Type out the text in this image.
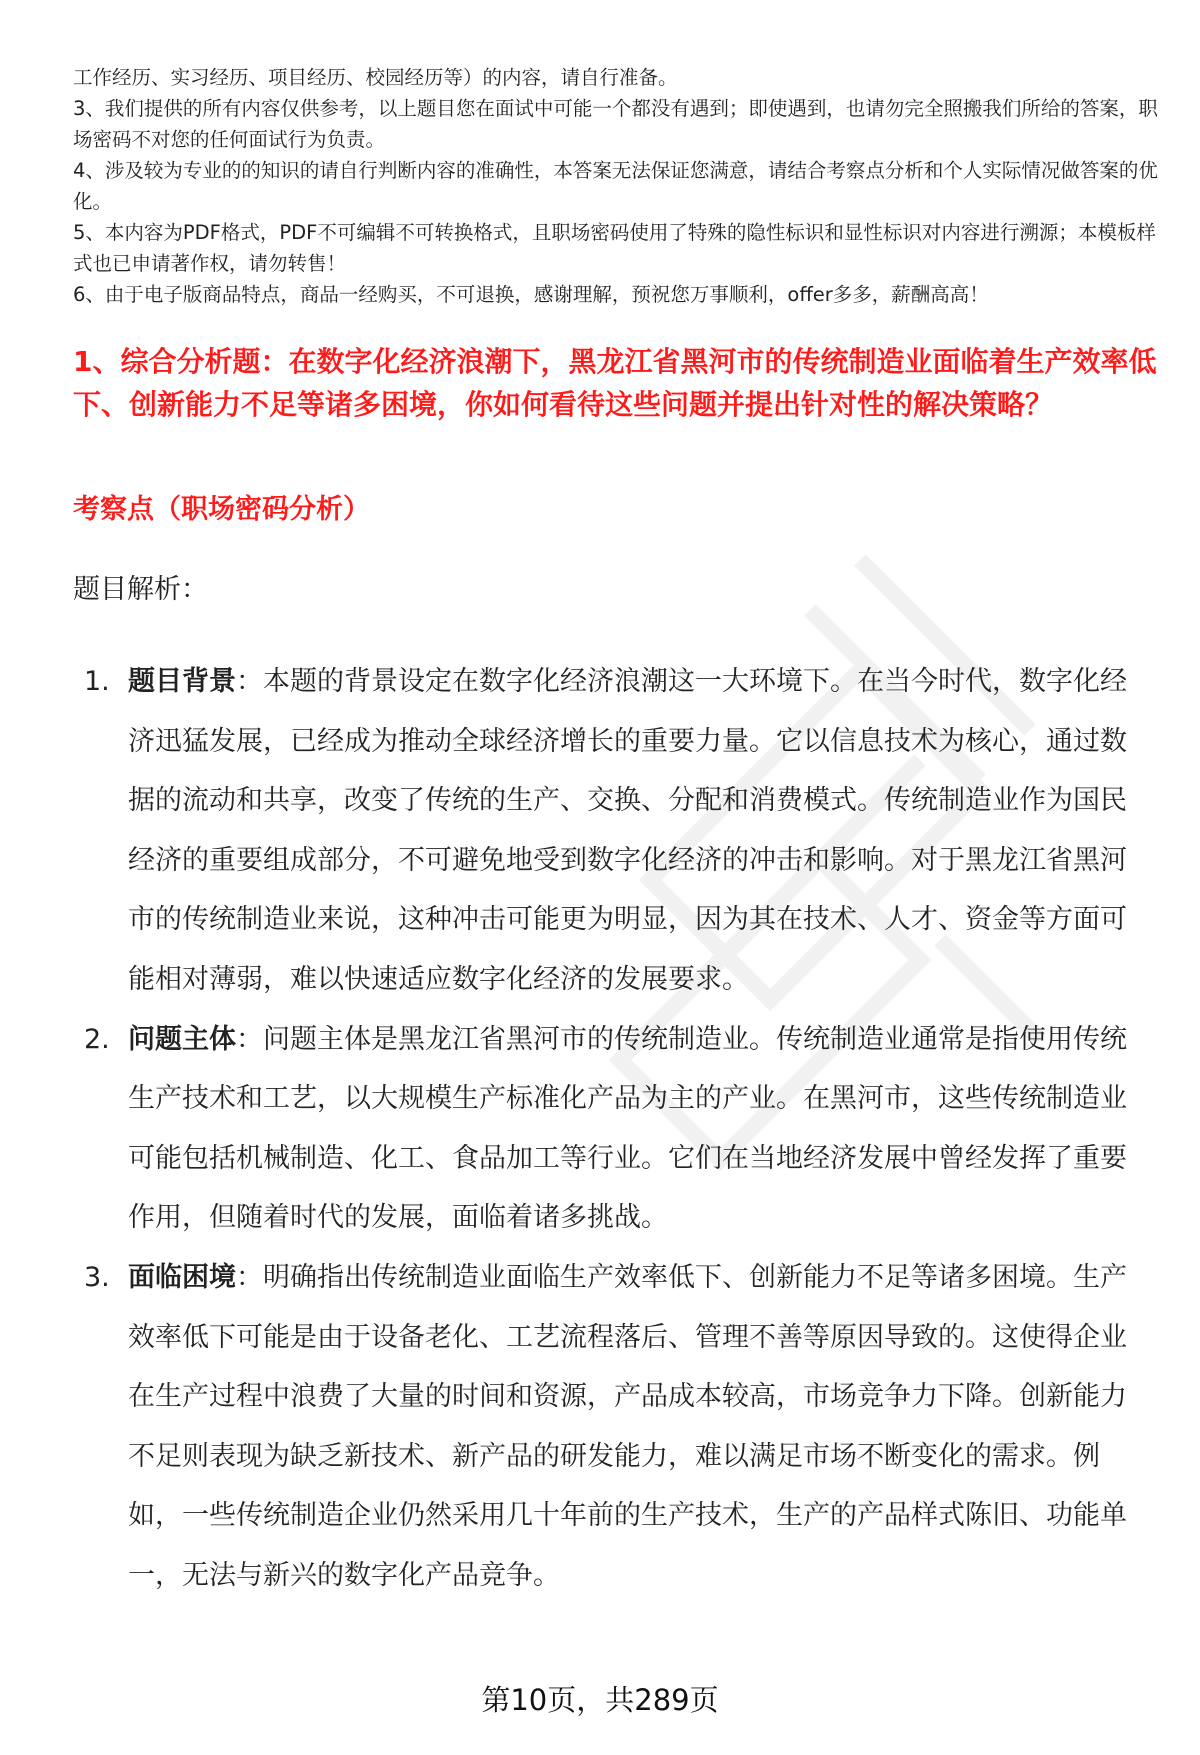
工作经历、实习经历、项目经历、校园经历等）的内容，请自行准备。

3、我们提供的所有内容仅供参考，以上题目您在面试中可能一个都没有遇到；即使遇到，也请勿完全照搬我们所给的答案，职场密码不对您的任何面试行为负责。

4、涉及较为专业的的知识的请自行判断内容的准确性，本答案无法保证您满意，请结合考察点分析和个人实际情况做答案的优化。

5、本内容为PDF格式，PDF不可编辑不可转换格式，且职场密码使用了特殊的隐性标识和显性标识对内容进行溯源；本模板样式也已申请著作权，请勿转售！

6、由于电子版商品特点，商品一经购买，不可退换，感谢理解，预祝您万事顺利，offer多多，薪酬高高！

1、综合分析题：在数字化经济浪潮下，黑龙江省黑河市的传统制造业面临着生产效率低下、创新能力不足等诸多困境，你如何看待这些问题并提出针对性的解决策略？
考察点（职场密码分析）

题目解析：

1. 题目背景：本题的背景设定在数字化经济浪潮这一大环境下。在当今时代，数字化经济迅猛发展，已经成为推动全球经济增长的重要力量。它以信息技术为核心，通过数据的流动和共享，改变了传统的生产、交换、分配和消费模式。传统制造业作为国民经济的重要组成部分，不可避免地受到数字化经济的冲击和影响。对于黑龙江省黑河市的传统制造业来说，这种冲击可能更为明显，因为其在技术、人才、资金等方面可能相对薄弱，难以快速适应数字化经济的发展要求。
2. 问题主体：问题主体是黑龙江省黑河市的传统制造业。传统制造业通常是指使用传统生产技术和工艺，以大规模生产标准化产品为主的产业。在黑河市，这些传统制造业可能包括机械制造、化工、食品加工等行业。它们在当地经济发展中曾经发挥了重要作用，但随着时代的发展，面临着诸多挑战。
3. 面临困境：明确指出传统制造业面临生产效率低下、创新能力不足等诸多困境。生产效率低下可能是由于设备老化、工艺流程落后、管理不善等原因导致的。这使得企业在生产过程中浪费了大量的时间和资源，产品成本较高，市场竞争力下降。创新能力不足则表现为缺乏新技术、新产品的研发能力，难以满足市场不断变化的需求。例如，一些传统制造企业仍然采用几十年前的生产技术，生产的产品样式陈旧、功能单一，无法与新兴的数字化产品竞争。
第10页，共289页
